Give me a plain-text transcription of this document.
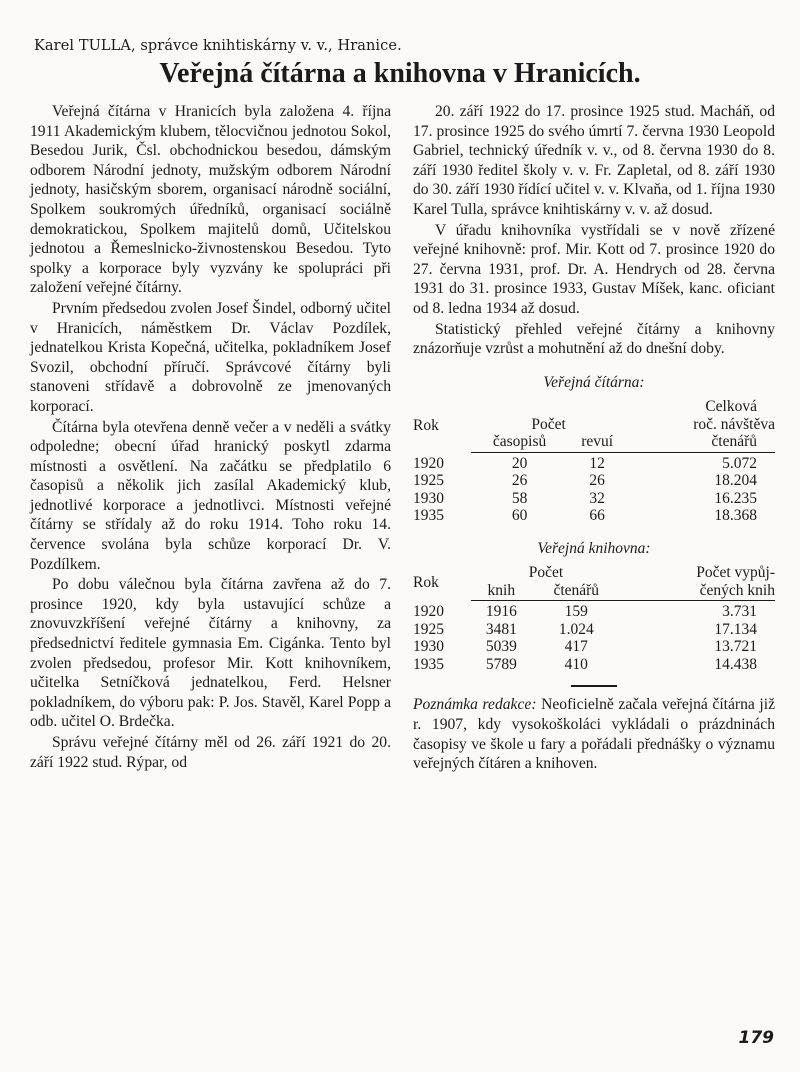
Karel TULLA, správce knihtiskárny v. v., Hranice.
Veřejná čítárna a knihovna v Hranicích.

Veřejná čítárna v Hranicích byla založena 4. října 1911 Akademickým klubem, tělocvičnou jednotou Sokol, Besedou Jurik, Čsl. obchodnickou besedou, dámským odborem Národní jednoty, mužským odborem Národní jednoty, hasičským sborem, organisací národně sociální, Spolkem soukromých úředníků, organisací sociálně demokratickou, Spolkem majitelů domů, Učitelskou jednotou a Řemeslnicko-živnostenskou Besedou. Tyto spolky a korporace byly vyzvány ke spolupráci při založení veřejné čítárny.

Prvním předsedou zvolen Josef Šindel, odborný učitel v Hranicích, náměstkem Dr. Václav Pozdílek, jednatelkou Krista Kopečná, učitelka, pokladníkem Josef Svozil, obchodní příručí. Správcové čítárny byli stanoveni střídavě a dobrovolně ze jmenovaných korporací.

Čítárna byla otevřena denně večer a v neděli a svátky odpoledne; obecní úřad hranický poskytl zdarma místnosti a osvětlení. Na začátku se předplatilo 6 časopisů a několik jich zasílal Akademický klub, jednotlivé korporace a jednotlivci. Místnosti veřejné čítárny se střídaly až do roku 1914. Toho roku 14. července svolána byla schůze korporací Dr. V. Pozdílkem.

Po dobu válečnou byla čítárna zavřena až do 7. prosince 1920, kdy byla ustavující schůze a znovuvzkříšení veřejné čítárny a knihovny, za předsednictví ředitele gymnasia Em. Cigánka. Tento byl zvolen předsedou, profesor Mir. Kott knihovníkem, učitelka Setníčková jednatelkou, Ferd. Helsner pokladníkem, do výboru pak: P. Jos. Stavěl, Karel Popp a odb. učitel O. Brdečka.

Správu veřejné čítárny měl od 26. září 1921 do 20. září 1922 stud. Rýpar, od

20. září 1922 do 17. prosince 1925 stud. Macháň, od 17. prosince 1925 do svého úmrtí 7. června 1930 Leopold Gabriel, technický úředník v. v., od 8. června 1930 do 8. září 1930 ředitel školy v. v. Fr. Zapletal, od 8. září 1930 do 30. září 1930 řídící učitel v. v. Klvaňa, od 1. října 1930 Karel Tulla, správce knihtiskárny v. v. až dosud.

V úřadu knihovníka vystřídali se v nově zřízené veřejné knihovně: prof. Mir. Kott od 7. prosince 1920 do 27. června 1931, prof. Dr. A. Hendrych od 28. června 1931 do 31. prosince 1933, Gustav Míšek, kanc. oficiant od 8. ledna 1934 až dosud.

Statistický přehled veřejné čítárny a knihovny znázorňuje vzrůst a mohutnění až do dnešní doby.

Veřejná čítárna:
Rok			Celková
	Počet		roč. návštěva
	časopisů	revuí	čtenářů
1920	20	12	5.072
1925	26	26	18.204
1930	58	32	16.235
1935	60	66	18.368
Veřejná knihovna:
Rok	Počet		Počet vypůj-
	knih	čtenářů	čených knih
1920	1916	159	3.731
1925	3481	1.024	17.134
1930	5039	417	13.721
1935	5789	410	14.438

Poznámka redakce: Neoficielně začala veřejná čítárna již r. 1907, kdy vysokoškoláci vykládali o prázdninách časopisy ve škole u fary a pořádali přednášky o významu veřejných čítáren a knihoven.

179
